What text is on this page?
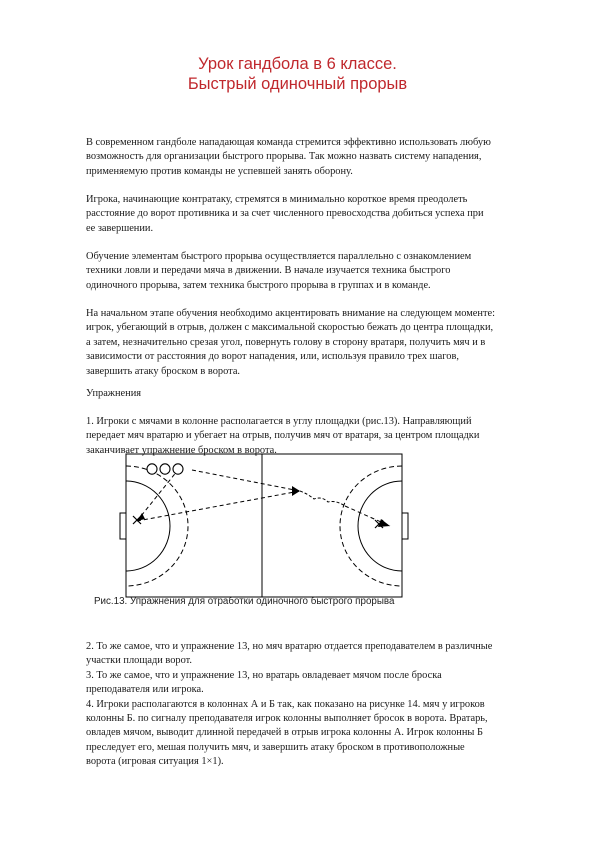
Урок гандбола в 6 классе.
Быстрый одиночный прорыв
В современном гандболе нападающая команда стремится эффективно использовать любую
возможность для организации быстрого прорыва. Так можно назвать систему нападения,
применяемую против команды не успевшей занять оборону.
Игрока, начинающие контратаку, стремятся в минимально короткое время преодолеть
расстояние до ворот противника и за счет численного превосходства добиться успеха при
ее завершении.
Обучение элементам быстрого прорыва осуществляется параллельно с ознакомлением
техники ловли и передачи мяча в движении. В начале изучается техника быстрого
одиночного прорыва, затем техника быстрого прорыва в группах и в команде.
На начальном этапе обучения необходимо акцентировать внимание на следующем моменте:
игрок, убегающий в отрыв, должен с максимальной скоростью бежать до центра площадки,
а затем, незначительно срезая угол, повернуть голову в сторону вратаря, получить мяч и в
зависимости от расстояния до ворот нападения, или, используя правило трех шагов,
завершить атаку броском в ворота.
Упражнения
1. Игроки с мячами в колонне располагается в углу площадки (рис.13). Направляющий
передает мяч вратарю и убегает на отрыв, получив мяч от вратаря, за центром площадки
заканчивает упражнение броском в ворота.
Рис.13. Упражнения для отработки одиночного быстрого прорыва
2. То же самое, что и упражнение 13, но мяч вратарю отдается преподавателем в различные
участки площади ворот.
3. То же самое, что и упражнение 13, но вратарь овладевает мячом после броска
преподавателя или игрока.
4. Игроки располагаются в колоннах А и Б так, как показано на рисунке 14. мяч у игроков
колонны Б. по сигналу преподавателя игрок колонны выполняет бросок в ворота. Вратарь,
овладев мячом, выводит длинной передачей в отрыв игрока колонны А. Игрок колонны Б
преследует его, мешая получить мяч, и завершить атаку броском в противоположные
ворота (игровая ситуация 1×1).
